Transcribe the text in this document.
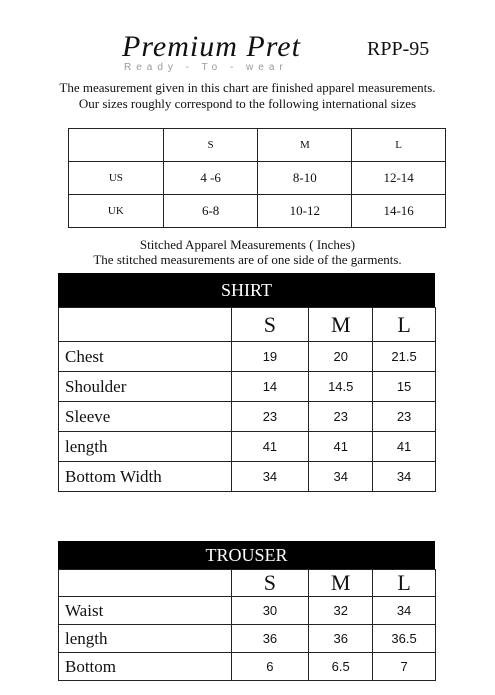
Premium Pret
Ready - To - wear
RPP-95
The measurement given in this chart are finished apparel measurements.
Our sizes roughly correspond to the following international sizes
	S	M	L
US	4 -6	8-10	12-14
UK	6-8	10-12	14-16
Stitched Apparel Measurements ( Inches)
The stitched measurements are of one side of the garments.
SHIRT
	S	M	L
Chest	19	20	21.5
Shoulder	14	14.5	15
Sleeve	23	23	23
length	41	41	41
Bottom Width	34	34	34
TROUSER
	S	M	L
Waist	30	32	34
length	36	36	36.5
Bottom	6	6.5	7
